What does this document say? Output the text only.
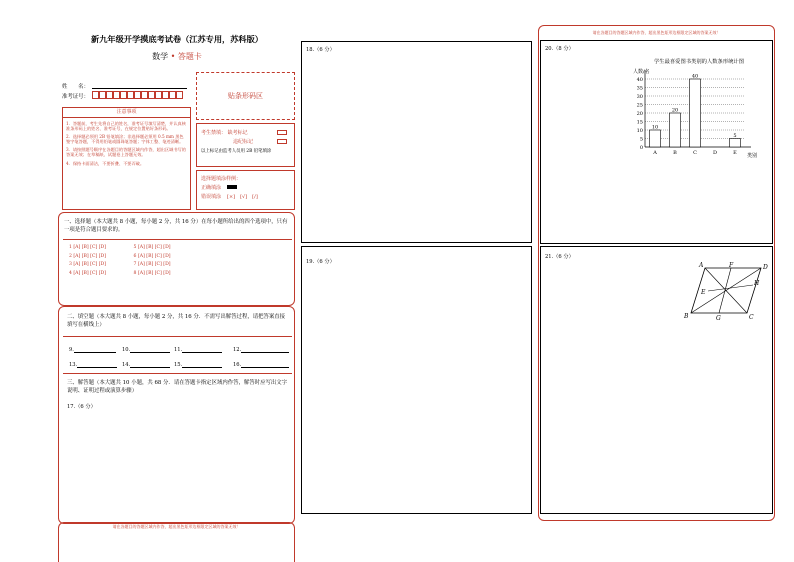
新九年级开学摸底考试卷（江苏专用，苏科版）
数学 • 答题卡
姓　　名：
准考证号：
注意事项

1．答题前，考生先将自己的姓名，准考证号填写清楚，并认真核准条形码上的姓名、准考证号，在规定位置贴好条形码。

2．选择题必须用 2B 铅笔填涂；非选择题必须用 0.5 mm 黑色签字笔答题，不得用铅笔或圆珠笔答题；字体工整、笔迹清晰。

3．请按照题号顺序在各题目的答题区域内作答，超出区域书写的答案无效；在草稿纸、试题卷上答题无效。

4．保持卡面清洁，不要折叠、不要弄破。

贴条形码区
考生禁填： 缺考标记
违纪标记
以上标记由监考人员用 2B 铅笔填涂
选择题填涂样例：
正确填涂
错误填涂 [×]　[√]　[/]
一、选择题（本大题共 8 小题，每小题 2 分，共 16 分）在每小题所给出的四个选项中，只有一项是符合题目要求的。
1 [A] [B] [C] [D]　　　　　　5 [A] [B] [C] [D]
2 [A] [B] [C] [D]　　　　　　6 [A] [B] [C] [D]
3 [A] [B] [C] [D]　　　　　　7 [A] [B] [C] [D]
4 [A] [B] [C] [D]　　　　　　8 [A] [B] [C] [D]
二、填空题（本大题共 8 小题，每小题 2 分，共 16 分．不需写出解答过程，请把答案直接填写在横线上）
9.	10.	11.	12.
13.	14.	15.	16.
三、解答题（本大题共 10 小题，共 68 分．请在答题卡指定区域内作答，解答时应写出文字说明、证明过程或演算步骤）
17.（6 分）
请在各题目的答题区域内作答，超出黑色矩形边框限定区域的答案无效！
18.（6 分）
19.（6 分）
请在各题目的答题区域内作答，超出黑色矩形边框限定区域的答案无效！
20.（8 分）
学生最喜爱图书类别的人数条形统计图
人数/名
类别
10
20
40
5
0
5
10
15
20
25
30
35
40
A	B	C	D	E
21.（6 分）
A	F	D
E
H
B	G	C
